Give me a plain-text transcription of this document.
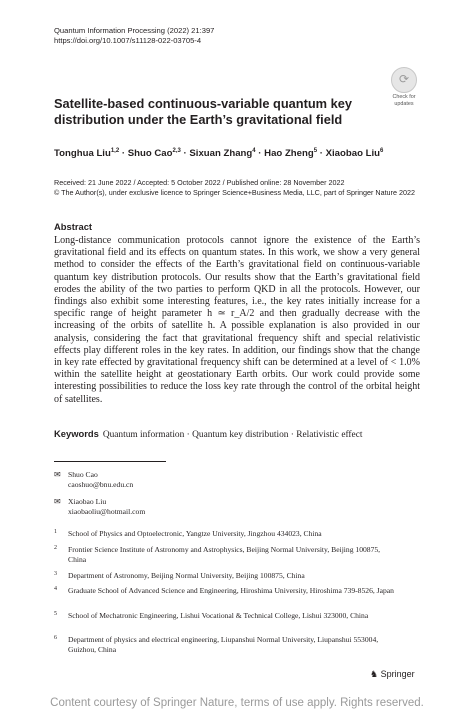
Quantum Information Processing (2022) 21:397
https://doi.org/10.1007/s11128-022-03705-4
⟳
Check for
updates
Satellite-based continuous-variable quantum key distribution under the Earth’s gravitational field
Tonghua Liu$^{1,2}$ · Shuo Cao$^{2,3}$ · Sixuan Zhang$^4$ · Hao Zheng$^5$ · Xiaobao Liu$^6$
Received: 21 June 2022 / Accepted: 5 October 2022 / Published online: 28 November 2022
© The Author(s), under exclusive licence to Springer Science+Business Media, LLC, part of Springer Nature 2022
Abstract
Long-distance communication protocols cannot ignore the existence of the Earth’s gravitational field and its effects on quantum states. In this work, we show a very general method to consider the effects of the Earth’s gravitational field on continuous-variable quantum key distribution protocols. Our results show that the Earth’s gravitational field erodes the ability of the two parties to perform QKD in all the protocols. However, our findings also exhibit some interesting features, i.e., the key rates initially increase for a specific range of height parameter h ≃ r_A/2 and then gradually decrease with the increasing of the orbits of satellite h. A possible explanation is also provided in our analysis, considering the fact that gravitational frequency shift and special relativistic effects play different roles in the key rates. In addition, our findings show that the change in key rate effected by gravitational frequency shift can be determined at a level of < 1.0% within the satellite height at geostationary Earth orbits. Our work could provide some interesting possibilities to reduce the loss key rate through the control of the orbital height of satellites.
Keywords Quantum information · Quantum key distribution · Relativistic effect
✉ Shuo Cao
caoshuo@bnu.edu.cn
✉ Xiaobao Liu
xiaobaoliu@hotmail.com
1 School of Physics and Optoelectronic, Yangtze University, Jingzhou 434023, China
2 Frontier Science Institute of Astronomy and Astrophysics, Beijing Normal University, Beijing 100875, China
3 Department of Astronomy, Beijing Normal University, Beijing 100875, China
4 Graduate School of Advanced Science and Engineering, Hiroshima University, Hiroshima 739-8526, Japan
5 School of Mechatronic Engineering, Lishui Vocational & Technical College, Lishui 323000, China
6 Department of physics and electrical engineering, Liupanshui Normal University, Liupanshui 553004, Guizhou, China
♞ Springer
Content courtesy of Springer Nature, terms of use apply. Rights reserved.
